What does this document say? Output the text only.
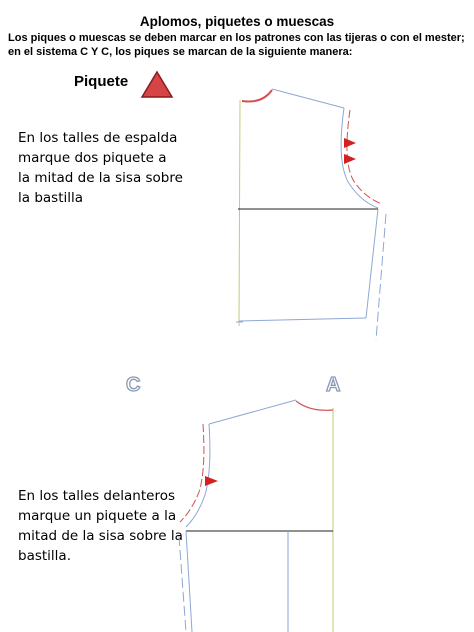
Aplomos, piquetes o muescas
Los piques o muescas se deben marcar en los patrones con las tijeras o con el mester; en el sistema C Y C, los piques se marcan de la siguiente manera:
Piquete
En los talles de espalda
marque dos piquete a
la mitad de la sisa sobre
la bastilla
En los talles delanteros
marque un piquete a la
mitad de la sisa sobre la
bastilla.
C	A
